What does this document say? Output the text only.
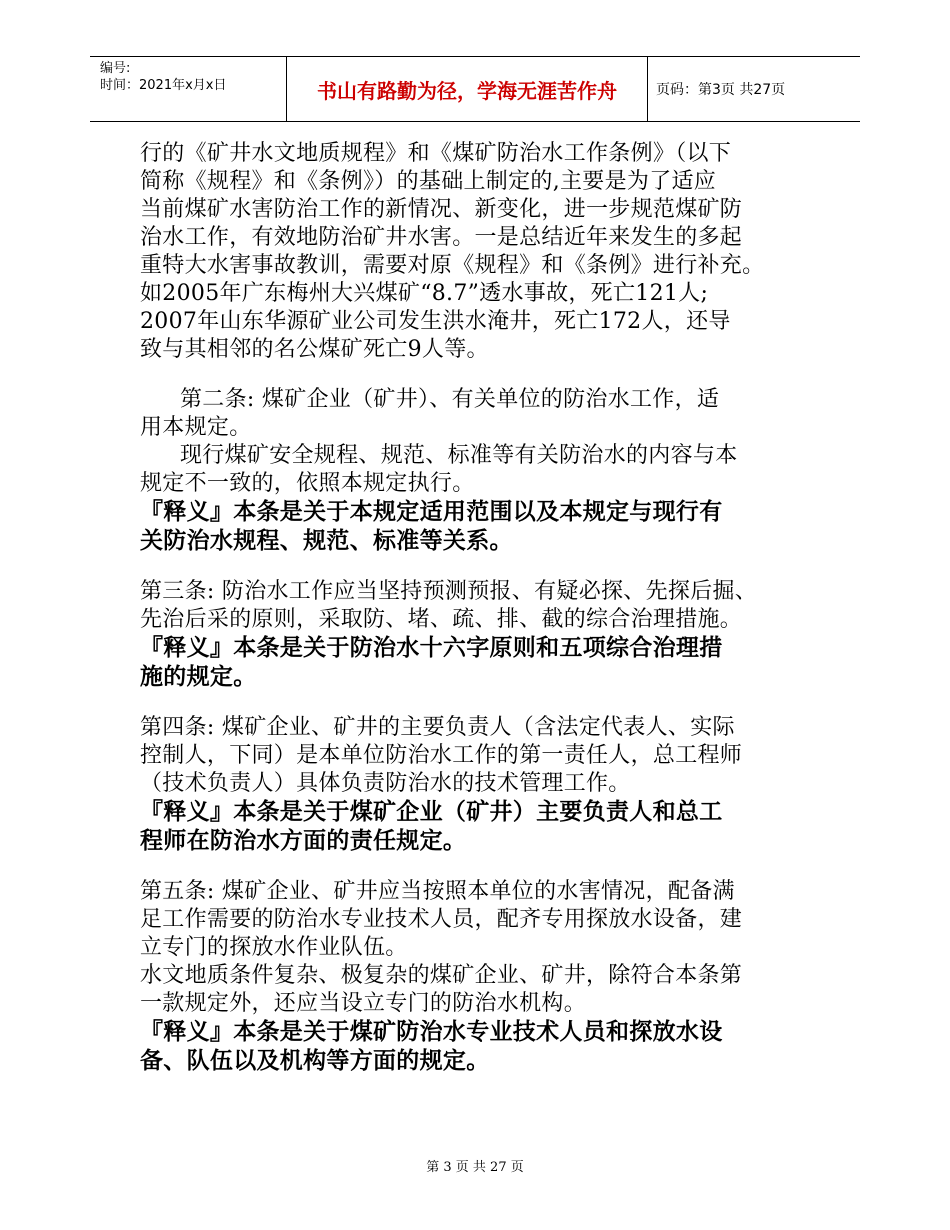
编号:
时间：2021年x月x日	书山有路勤为径，学海无涯苦作舟	页码：第3页 共27页
行的《矿井水文地质规程》和《煤矿防治水工作条例》（以下
简称《规程》和《条例》）的基础上制定的,主要是为了适应
当前煤矿水害防治工作的新情况、新变化，进一步规范煤矿防
治水工作，有效地防治矿井水害。一是总结近年来发生的多起
重特大水害事故教训，需要对原《规程》和《条例》进行补充。
如2005年广东梅州大兴煤矿“8.7”透水事故，死亡121人;
2007年山东华源矿业公司发生洪水淹井，死亡172人，还导
致与其相邻的名公煤矿死亡9人等。
第二条: 煤矿企业（矿井）、有关单位的防治水工作，适
用本规定。
现行煤矿安全规程、规范、标准等有关防治水的内容与本
规定不一致的，依照本规定执行。
『释义』本条是关于本规定适用范围以及本规定与现行有
关防治水规程、规范、标准等关系。
第三条: 防治水工作应当坚持预测预报、有疑必探、先探后掘、
先治后采的原则，采取防、堵、疏、排、截的综合治理措施。
『释义』本条是关于防治水十六字原则和五项综合治理措
施的规定。
第四条: 煤矿企业、矿井的主要负责人（含法定代表人、实际
控制人，下同）是本单位防治水工作的第一责任人，总工程师
（技术负责人）具体负责防治水的技术管理工作。
『释义』本条是关于煤矿企业（矿井）主要负责人和总工
程师在防治水方面的责任规定。
第五条: 煤矿企业、矿井应当按照本单位的水害情况，配备满
足工作需要的防治水专业技术人员，配齐专用探放水设备，建
立专门的探放水作业队伍。
水文地质条件复杂、极复杂的煤矿企业、矿井，除符合本条第
一款规定外，还应当设立专门的防治水机构。
『释义』本条是关于煤矿防治水专业技术人员和探放水设
备、队伍以及机构等方面的规定。
第 3 页 共 27 页
